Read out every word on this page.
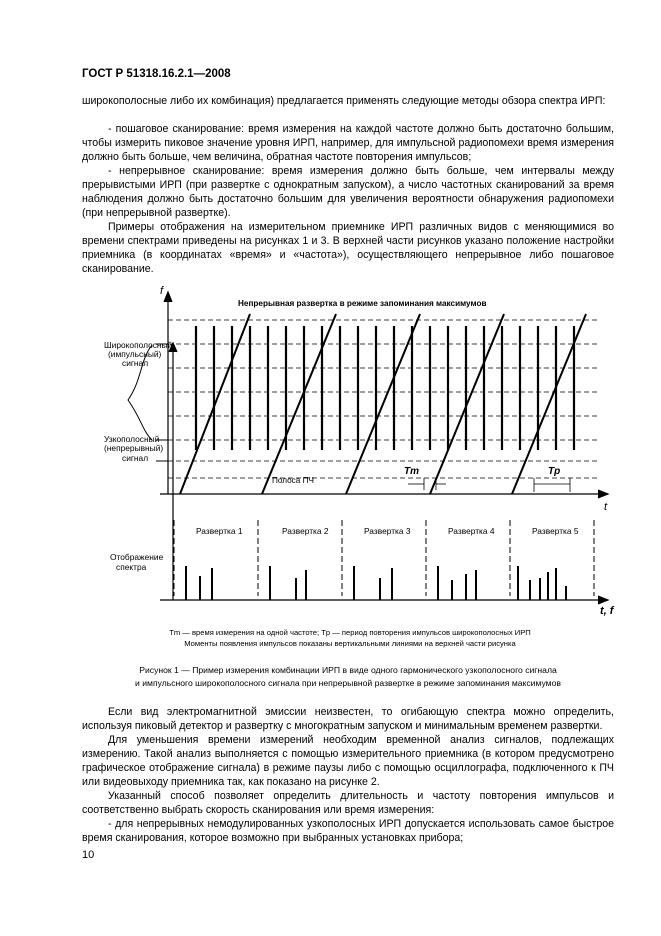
ГОСТ Р 51318.16.2.1—2008

широкополосные либо их комбинация) предлагается применять следующие методы обзора спектра ИРП:

- пошаговое сканирование: время измерения на каждой частоте должно быть достаточно большим, чтобы измерить пиковое значение уровня ИРП, например, для импульсной радиопомехи время измерения должно быть больше, чем величина, обратная частоте повторения импульсов;

- непрерывное сканирование: время измерения должно быть больше, чем интервалы между прерывистыми ИРП (при развертке с однократным запуском), а число частотных сканирований за время наблюдения должно быть достаточно большим для увеличения вероятности обнаружения радиопомехи (при непрерывной развертке).

Примеры отображения на измерительном приемнике ИРП различных видов с меняющимися во времени спектрами приведены на рисунках 1 и 3. В верхней части рисунков указано положение настройки приемника (в координатах «время» и «частота»), осуществляющего непрерывное либо пошаговое сканирование.

f
t
t, f
Непрерывная развертка в режиме запоминания максимумов
Широкополосный
(импульсный)
сигнал
Узкополосный
(непрерывный)
сигнал
Полоса ПЧ
Tm	Tp
Отображение
спектра
Развертка 1	Развертка 2	Развертка 3	Развертка 4	Развертка 5
Tm — время измерения на одной частоте; Tp — период повторения импульсов широкополосных ИРП
Моменты появления импульсов показаны вертикальными линиями на верхней части рисунка
Рисунок 1 — Пример измерения комбинации ИРП в виде одного гармонического узкополосного сигнала
и импульсного широкополосного сигнала при непрерывной развертке в режиме запоминания максимумов

Если вид электромагнитной эмиссии неизвестен, то огибающую спектра можно определить, используя пиковый детектор и развертку с многократным запуском и минимальным временем развертки.

Для уменьшения времени измерений необходим временной анализ сигналов, подлежащих измерению. Такой анализ выполняется с помощью измерительного приемника (в котором предусмотрено графическое отображение сигнала) в режиме паузы либо с помощью осциллографа, подключенного к ПЧ или видеовыходу приемника так, как показано на рисунке 2.

Указанный способ позволяет определить длительность и частоту повторения импульсов и соответственно выбрать скорость сканирования или время измерения:

- для непрерывных немодулированных узкополосных ИРП допускается использовать самое быстрое время сканирования, которое возможно при выбранных установках прибора;

10
